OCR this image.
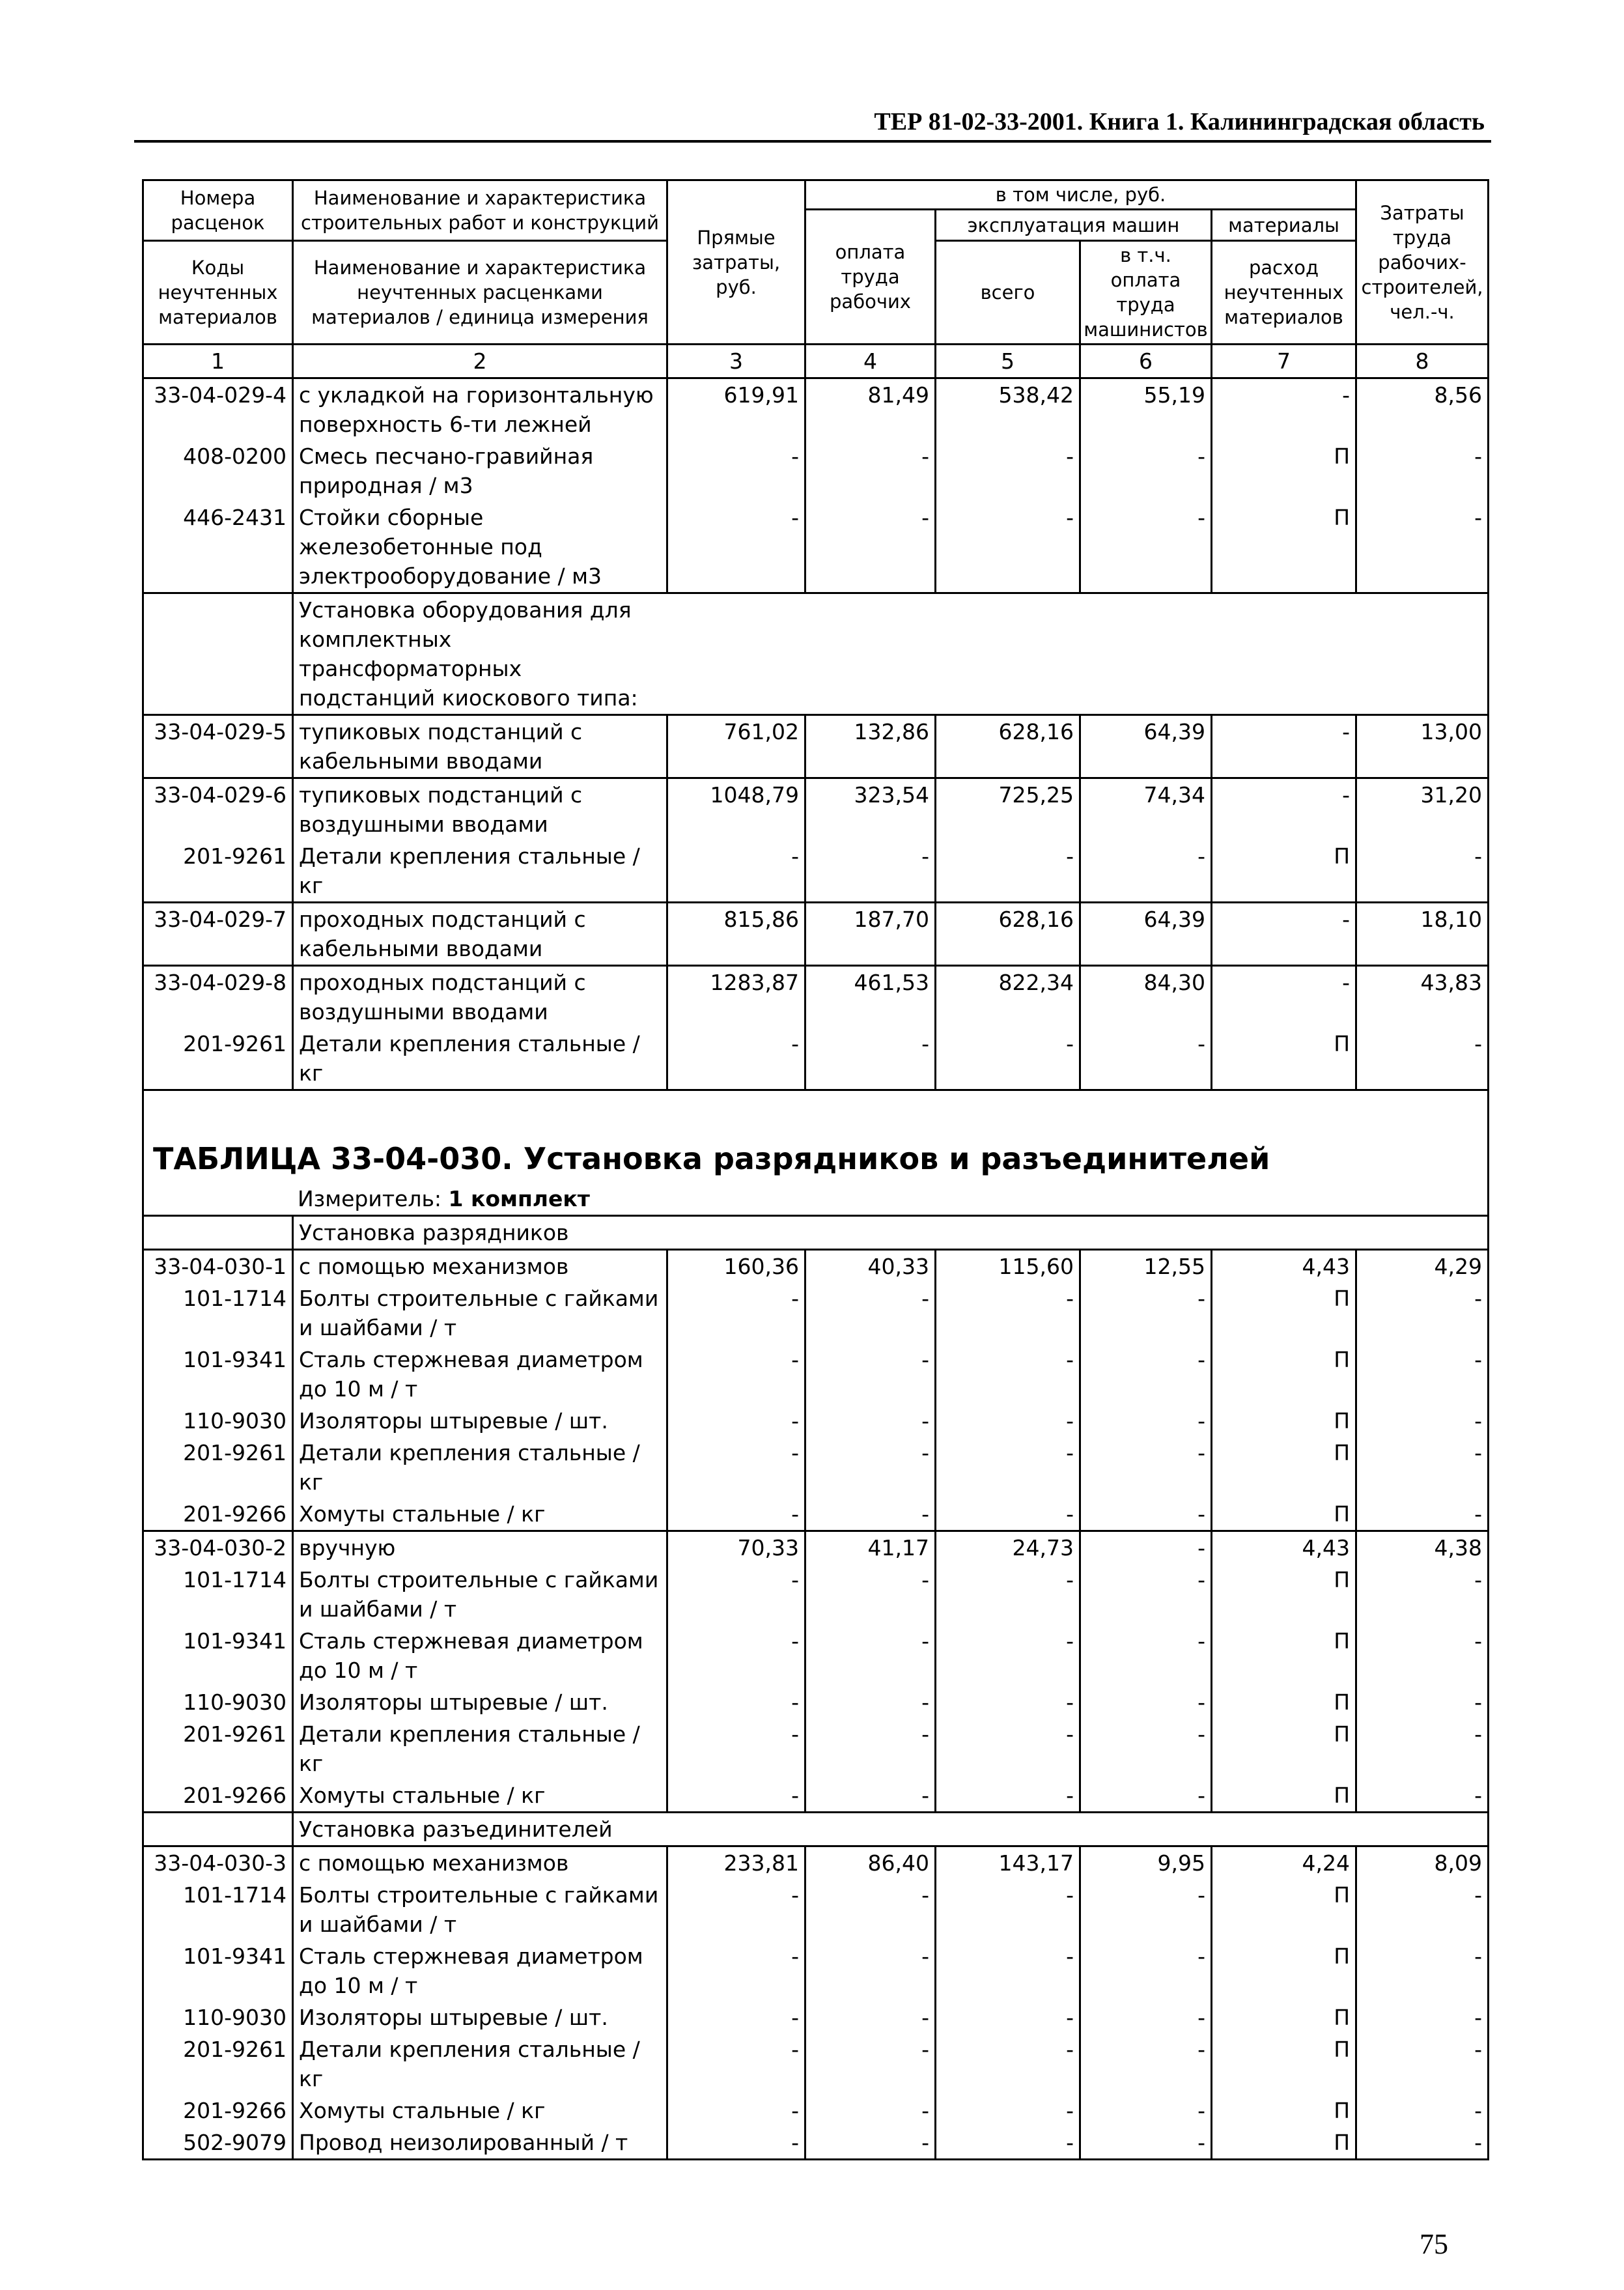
ТЕР 81-02-33-2001. Книга 1. Калининградская область
Номера расценок	Наименование и характеристика строительных работ и конструкций	Прямые затраты, руб.	в том числе, руб.				Затраты труда рабочих-строителей, чел.-ч.
			оплата труда рабочих	эксплуатация машин		материалы	
Коды неучтенных материалов	Наименование и характеристика неучтенных расценками материалов / единица измерения			всего	в т.ч. оплата труда машинистов	расход неучтенных материалов	
1	2	3	4	5	6	7	8
33-04-029-4	с укладкой на горизонтальную поверхность 6-ти лежней	619,91	81,49	538,42	55,19	-	8,56
408-0200	Смесь песчано-гравийная природная / м3	-	-	-	-	П	-
446-2431	Стойки сборные железобетонные под электрооборудование / м3	-	-	-	-	П	-
	Установка оборудования для комплектных трансформаторных подстанций киоскового типа:						
33-04-029-5	тупиковых подстанций с кабельными вводами	761,02	132,86	628,16	64,39	-	13,00
33-04-029-6	тупиковых подстанций с воздушными вводами	1048,79	323,54	725,25	74,34	-	31,20
201-9261	Детали крепления стальные / кг	-	-	-	-	П	-
33-04-029-7	проходных подстанций с кабельными вводами	815,86	187,70	628,16	64,39	-	18,10
33-04-029-8	проходных подстанций с воздушными вводами	1283,87	461,53	822,34	84,30	-	43,83
201-9261	Детали крепления стальные / кг	-	-	-	-	П	-

ТАБЛИЦА 33-04-030. Установка разрядников и разъединителей
Измеритель: 1 комплект							

	Установка разрядников						
33-04-030-1	с помощью механизмов	160,36	40,33	115,60	12,55	4,43	4,29
101-1714	Болты строительные с гайками и шайбами / т	-	-	-	-	П	-
101-9341	Сталь стержневая диаметром до 10 м / т	-	-	-	-	П	-
110-9030	Изоляторы штыревые / шт.	-	-	-	-	П	-
201-9261	Детали крепления стальные / кг	-	-	-	-	П	-
201-9266	Хомуты стальные / кг	-	-	-	-	П	-
33-04-030-2	вручную	70,33	41,17	24,73	-	4,43	4,38
101-1714	Болты строительные с гайками и шайбами / т	-	-	-	-	П	-
101-9341	Сталь стержневая диаметром до 10 м / т	-	-	-	-	П	-
110-9030	Изоляторы штыревые / шт.	-	-	-	-	П	-
201-9261	Детали крепления стальные / кг	-	-	-	-	П	-
201-9266	Хомуты стальные / кг	-	-	-	-	П	-
	Установка разъединителей						
33-04-030-3	с помощью механизмов	233,81	86,40	143,17	9,95	4,24	8,09
101-1714	Болты строительные с гайками и шайбами / т	-	-	-	-	П	-
101-9341	Сталь стержневая диаметром до 10 м / т	-	-	-	-	П	-
110-9030	Изоляторы штыревые / шт.	-	-	-	-	П	-
201-9261	Детали крепления стальные / кг	-	-	-	-	П	-
201-9266	Хомуты стальные / кг	-	-	-	-	П	-
502-9079	Провод неизолированный / т	-	-	-	-	П	-
75
